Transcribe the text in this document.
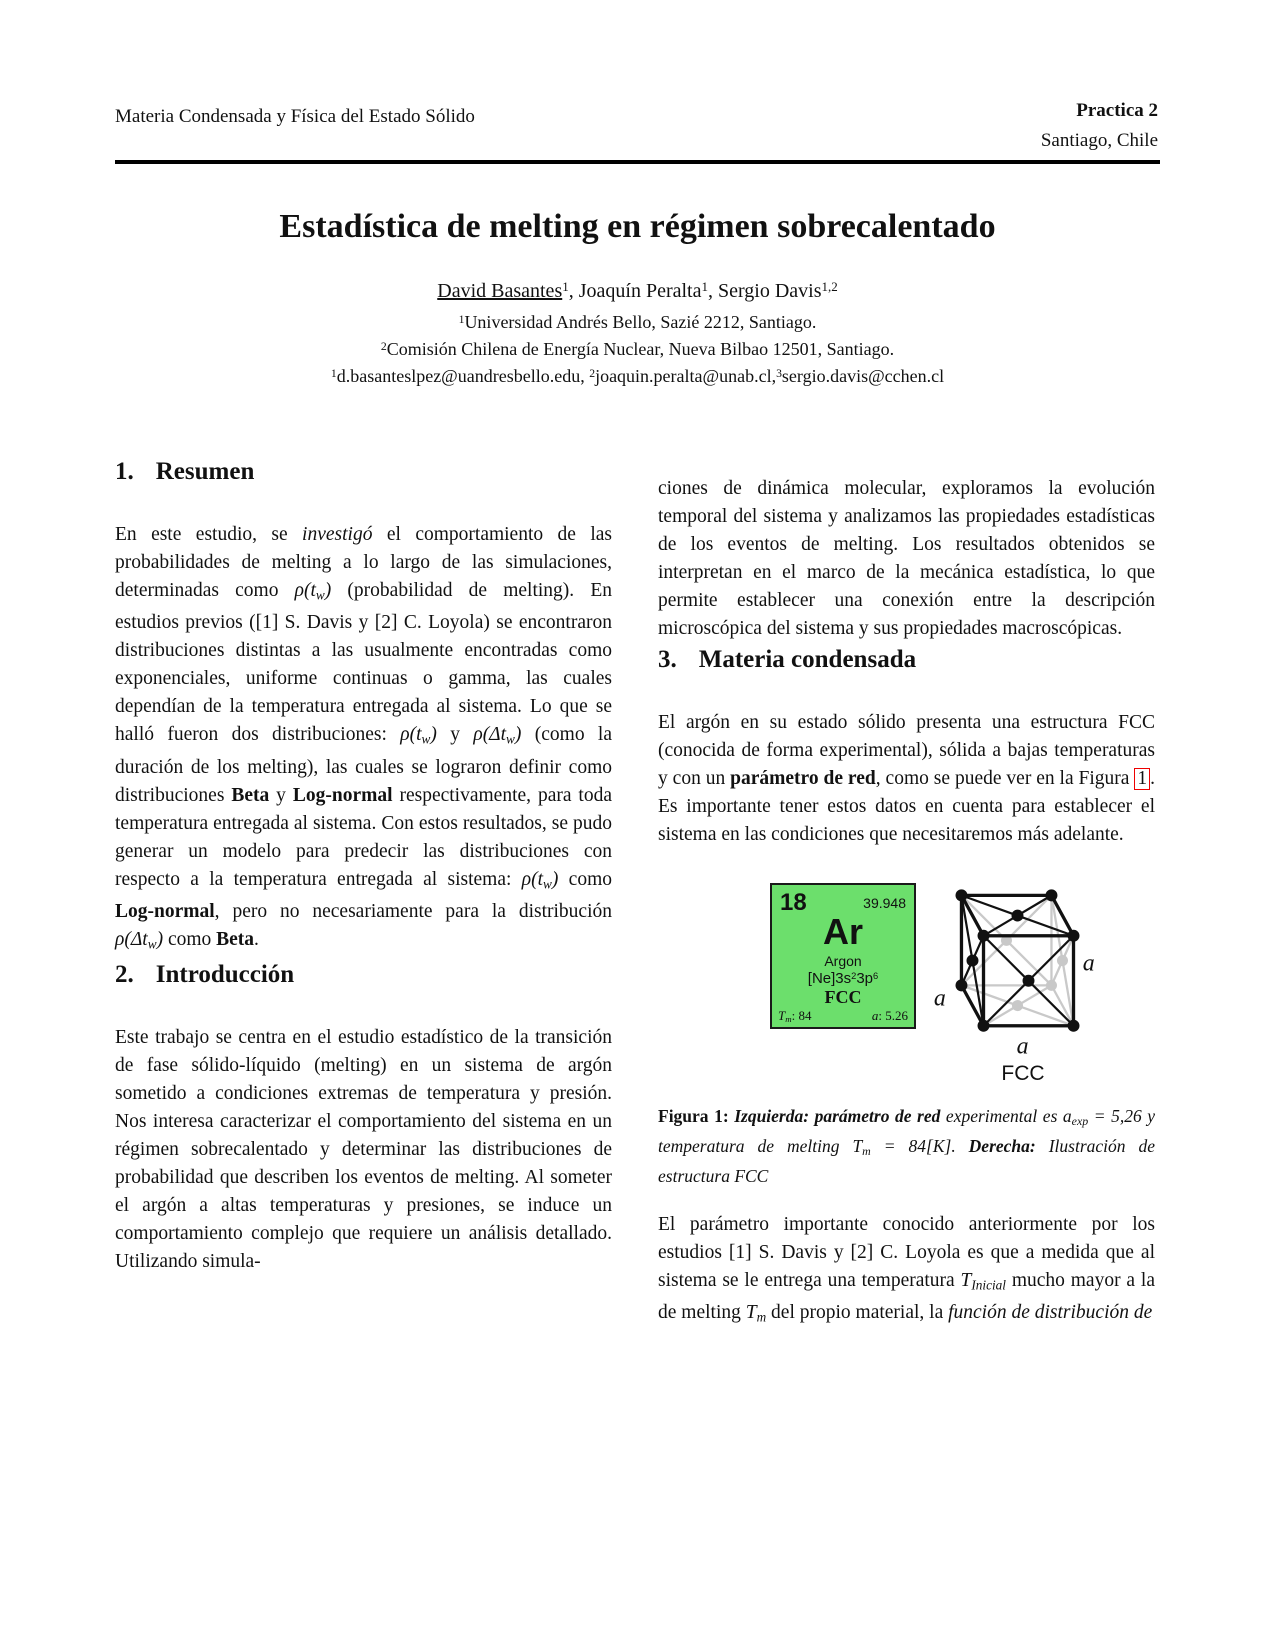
Materia Condensada y Física del Estado Sólido	Practica 2
Santiago, Chile
Estadística de melting en régimen sobrecalentado
David Basantes$^1$, Joaquín Peralta$^1$, Sergio Davis$^{1,2}$
$^1$Universidad Andrés Bello, Sazié 2212, Santiago.
$^2$Comisión Chilena de Energía Nuclear, Nueva Bilbao 12501, Santiago.
$^1$d.basanteslpez@uandresbello.edu, $^2$joaquin.peralta@unab.cl,$^3$sergio.davis@cchen.cl
1. Resumen

En este estudio, se investigó el comportamiento de las probabilidades de melting a lo largo de las simulaciones, determinadas como ρ(tw) (probabilidad de melting). En estudios previos ([1] S. Davis y [2] C. Loyola) se encontraron distribuciones distintas a las usualmente encontradas como exponenciales, uniforme continuas o gamma, las cuales dependían de la temperatura entregada al sistema. Lo que se halló fueron dos distribuciones: ρ(tw) y ρ(Δtw) (como la duración de los melting), las cuales se lograron definir como distribuciones Beta y Log-normal respectivamente, para toda temperatura entregada al sistema. Con estos resultados, se pudo generar un modelo para predecir las distribuciones con respecto a la temperatura entregada al sistema: ρ(tw) como Log-normal, pero no necesariamente para la distribución ρ(Δtw) como Beta.

2. Introducción

Este trabajo se centra en el estudio estadístico de la transición de fase sólido-líquido (melting) en un sistema de argón sometido a condiciones extremas de temperatura y presión. Nos interesa caracterizar el comportamiento del sistema en un régimen sobrecalentado y determinar las distribuciones de probabilidad que describen los eventos de melting. Al someter el argón a altas temperaturas y presiones, se induce un comportamiento complejo que requiere un análisis detallado. Utilizando simula-

ciones de dinámica molecular, exploramos la evolución temporal del sistema y analizamos las propiedades estadísticas de los eventos de melting. Los resultados obtenidos se interpretan en el marco de la mecánica estadística, lo que permite establecer una conexión entre la descripción microscópica del sistema y sus propiedades macroscópicas.

3. Materia condensada

El argón en su estado sólido presenta una estructura FCC (conocida de forma experimental), sólida a bajas temperaturas y con un parámetro de red, como se puede ver en la Figura 1 . Es importante tener estos datos en cuenta para establecer el sistema en las condiciones que necesitaremos más adelante.

18	39.948
Ar
Argon
$[Ne]3s^23p^6$
FCC
Tm: 84	a: 5.26
a
a
a
FCC

Figura 1: Izquierda: parámetro de red experimental es aexp = 5,26 y temperatura de melting Tm = 84[K]. Derecha: Ilustración de estructura FCC

El parámetro importante conocido anteriormente por los estudios [1] S. Davis y [2] C. Loyola es que a medida que al sistema se le entrega una temperatura TInicial mucho mayor a la de melting Tm del propio material, la función de distribución de
